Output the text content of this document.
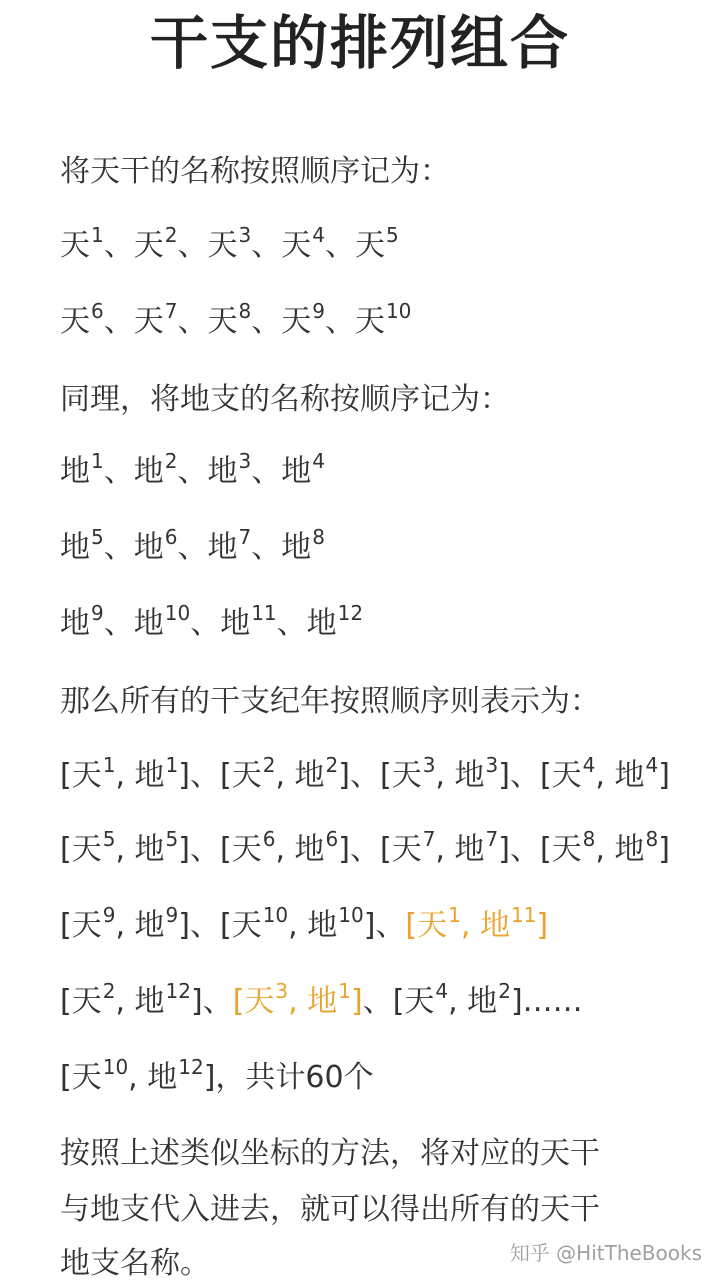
干支的排列组合
将天干的名称按照顺序记为：
天$^1$、天$^2$、天$^3$、天$^4$、天$^5$
天$^6$、天$^7$、天$^8$、天$^9$、天$^{10}$
同理，将地支的名称按顺序记为：
地$^1$、地$^2$、地$^3$、地$^4$
地$^5$、地$^6$、地$^7$、地$^8$
地$^9$、地$^{10}$、地$^{11}$、地$^{12}$
那么所有的干支纪年按照顺序则表示为：
[天$^1$, 地$^1$]、[天$^2$, 地$^2$]、[天$^3$, 地$^3$]、[天$^4$, 地$^4$]
[天$^5$, 地$^5$]、[天$^6$, 地$^6$]、[天$^7$, 地$^7$]、[天$^8$, 地$^8$]
[天$^9$, 地$^9$]、[天$^{10}$, 地$^{10}$]、[天$^1$, 地$^{11}$]
[天$^2$, 地$^{12}$]、[天$^3$, 地$^1$]、[天$^4$, 地$^2$]……
[天$^{10}$, 地$^{12}$]，共计60个
按照上述类似坐标的方法，将对应的天干
与地支代入进去，就可以得出所有的天干
地支名称。	知乎 @HitTheBooks
